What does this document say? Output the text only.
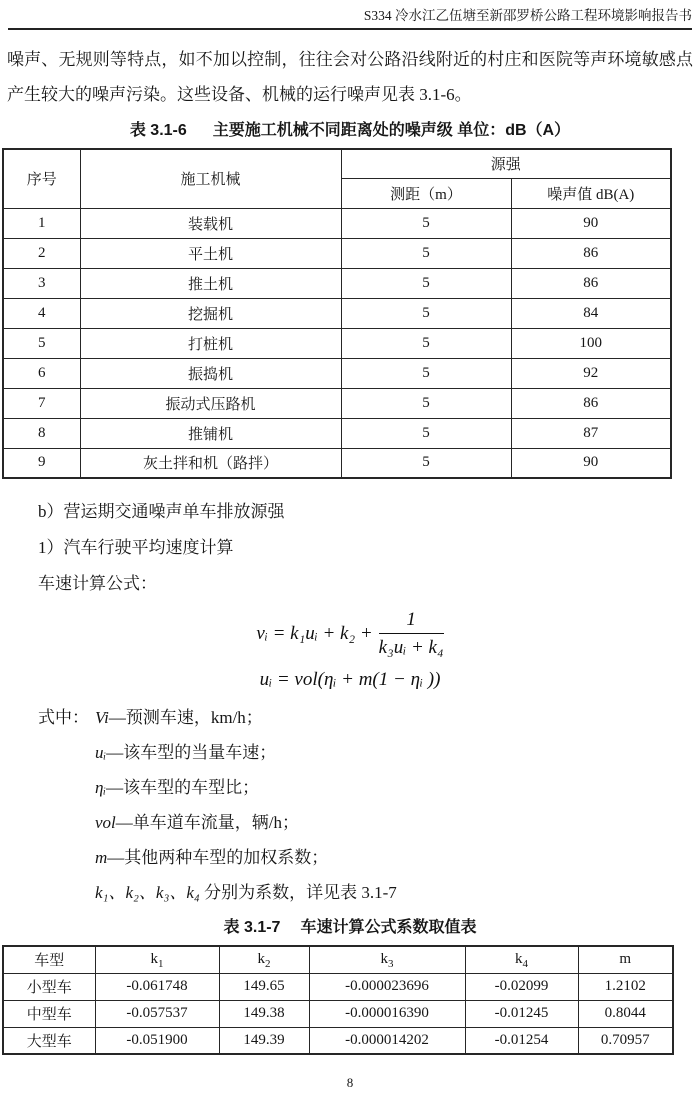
S334 冷水江乙伍塘至新邵罗桥公路工程环境影响报告书

噪声、无规则等特点，如不加以控制，往往会对公路沿线附近的村庄和医院等声环境敏感点产生较大的噪声污染。这些设备、机械的运行噪声见表 3.1‑6。

表 3.1‑6 主要施工机械不同距离处的噪声级 单位：dB（A）
序号	施工机械	源强	
		测距（m）	噪声值 dB(A)
1	装载机	5	90
2	平土机	5	86
3	推土机	5	86
4	挖掘机	5	84
5	打桩机	5	100
6	振捣机	5	92
7	振动式压路机	5	86
8	推铺机	5	87
9	灰土拌和机（路拌）	5	90
b）营运期交通噪声单车排放源强
1）汽车行驶平均速度计算
车速计算公式：
vᵢ = k₁uᵢ + $k_2 + \frac{1}{\text{k₃uᵢ + k₄}}$
uᵢ = vol(ηᵢ + m(1 − ηᵢ ))
式中： Vi—预测车速，km/h；
uᵢ—该车型的当量车速；
ηᵢ—该车型的车型比；
vol—单车道车流量，辆/h；
m—其他两种车型的加权系数；
k₁、k₂、k₃、k₄ 分别为系数，详见表 3.1‑7
表 3.1‑7 车速计算公式系数取值表
车型	$k_1$	$k_2$	$k_3$	$k_4$	m
小型车	-0.061748	149.65	-0.000023696	-0.02099	1.2102
中型车	-0.057537	149.38	-0.000016390	-0.01245	0.8044
大型车	-0.051900	149.39	-0.000014202	-0.01254	0.70957
8
